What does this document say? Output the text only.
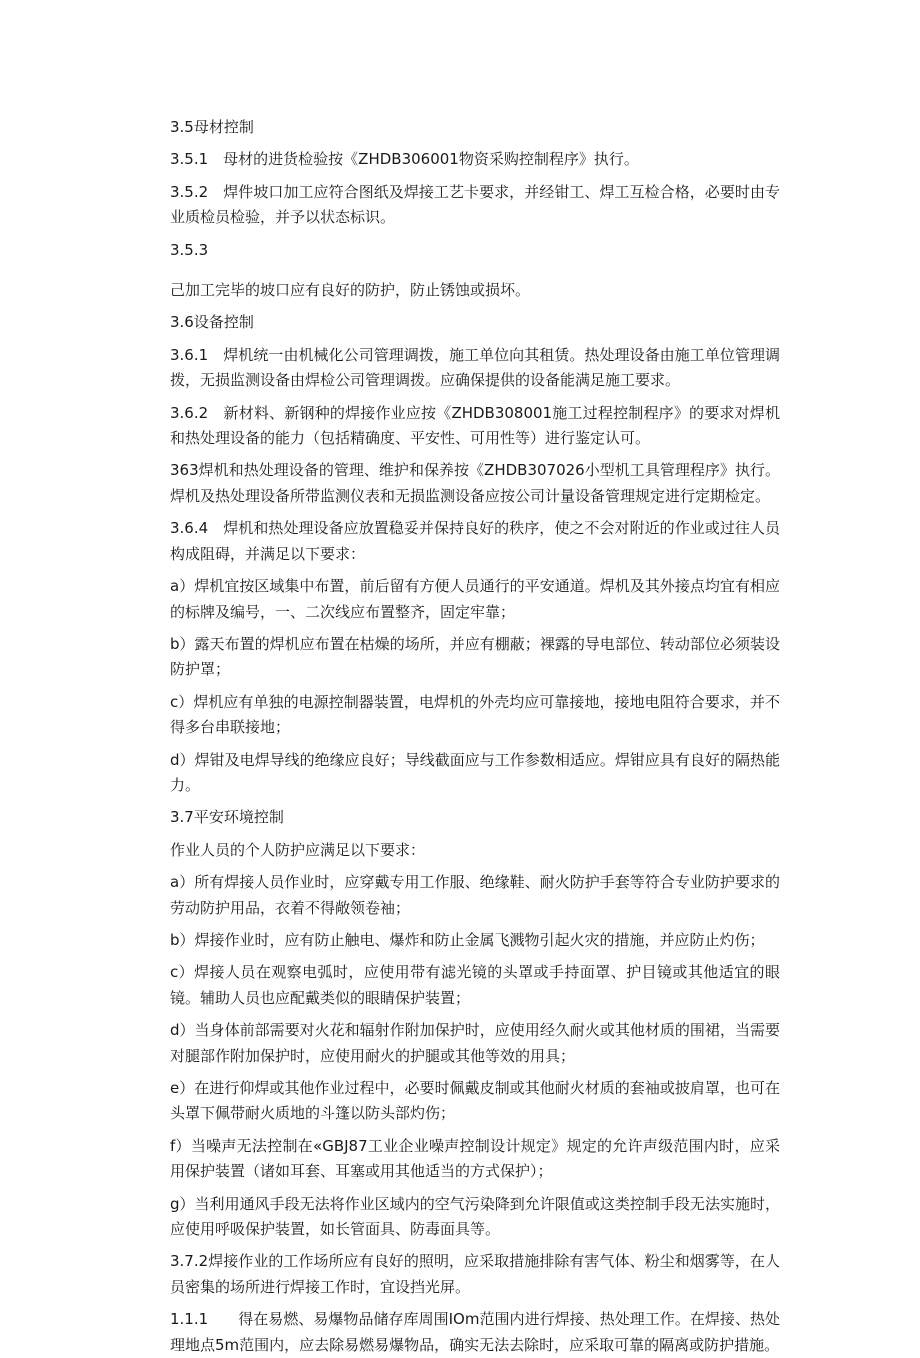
3.5母材控制

3.5.1　母材的进货检验按《ZHDB306001物资采购控制程序》执行。

3.5.2　焊件坡口加工应符合图纸及焊接工艺卡要求，并经钳工、焊工互检合格，必要时由专业质检员检验，并予以状态标识。

3.5.3

己加工完毕的坡口应有良好的防护，防止锈蚀或损坏。

3.6设备控制

3.6.1　焊机统一由机械化公司管理调拨，施工单位向其租赁。热处理设备由施工单位管理调拨，无损监测设备由焊检公司管理调拨。应确保提供的设备能满足施工要求。

3.6.2　新材料、新钢种的焊接作业应按《ZHDB308001施工过程控制程序》的要求对焊机和热处理设备的能力（包括精确度、平安性、可用性等）进行鉴定认可。

363焊机和热处理设备的管理、维护和保养按《ZHDB307026小型机工具管理程序》执行。焊机及热处理设备所带监测仪表和无损监测设备应按公司计量设备管理规定进行定期检定。

3.6.4　焊机和热处理设备应放置稳妥并保持良好的秩序，使之不会对附近的作业或过往人员构成阻碍，并满足以下要求：

a）焊机宜按区域集中布置，前后留有方便人员通行的平安通道。焊机及其外接点均宜有相应的标牌及编号，一、二次线应布置整齐，固定牢靠；

b）露天布置的焊机应布置在枯燥的场所，并应有棚蔽；裸露的导电部位、转动部位必须装设防护罩；

c）焊机应有单独的电源控制器装置，电焊机的外壳均应可靠接地，接地电阻符合要求，并不得多台串联接地；

d）焊钳及电焊导线的绝缘应良好；导线截面应与工作参数相适应。焊钳应具有良好的隔热能力。

3.7平安环境控制

作业人员的个人防护应满足以下要求：

a）所有焊接人员作业时，应穿戴专用工作服、绝缘鞋、耐火防护手套等符合专业防护要求的劳动防护用品，衣着不得敞领卷袖；

b）焊接作业时，应有防止触电、爆炸和防止金属飞溅物引起火灾的措施，并应防止灼伤；

c）焊接人员在观察电弧时，应使用带有滤光镜的头罩或手持面罩、护目镜或其他适宜的眼镜。辅助人员也应配戴类似的眼睛保护装置；

d）当身体前部需要对火花和辐射作附加保护时，应使用经久耐火或其他材质的围裙，当需要对腿部作附加保护时，应使用耐火的护腿或其他等效的用具；

e）在进行仰焊或其他作业过程中，必要时佩戴皮制或其他耐火材质的套袖或披肩罩，也可在头罩下佩带耐火质地的斗篷以防头部灼伤；

f）当噪声无法控制在«GBJ87工业企业噪声控制设计规定》规定的允许声级范围内时，应采用保护装置（诸如耳套、耳塞或用其他适当的方式保护）；

g）当利用通风手段无法将作业区域内的空气污染降到允许限值或这类控制手段无法实施时，应使用呼吸保护装置，如长管面具、防毒面具等。

3.7.2焊接作业的工作场所应有良好的照明，应采取措施排除有害气体、粉尘和烟雾等，在人员密集的场所进行焊接工作时，宜设挡光屏。

1.1.1　　得在易燃、易爆物品储存库周围IOm范围内进行焊接、热处理工作。在焊接、热处理地点5m范围内，应去除易燃易爆物品，确实无法去除时，应采取可靠的隔离或防护措施。
